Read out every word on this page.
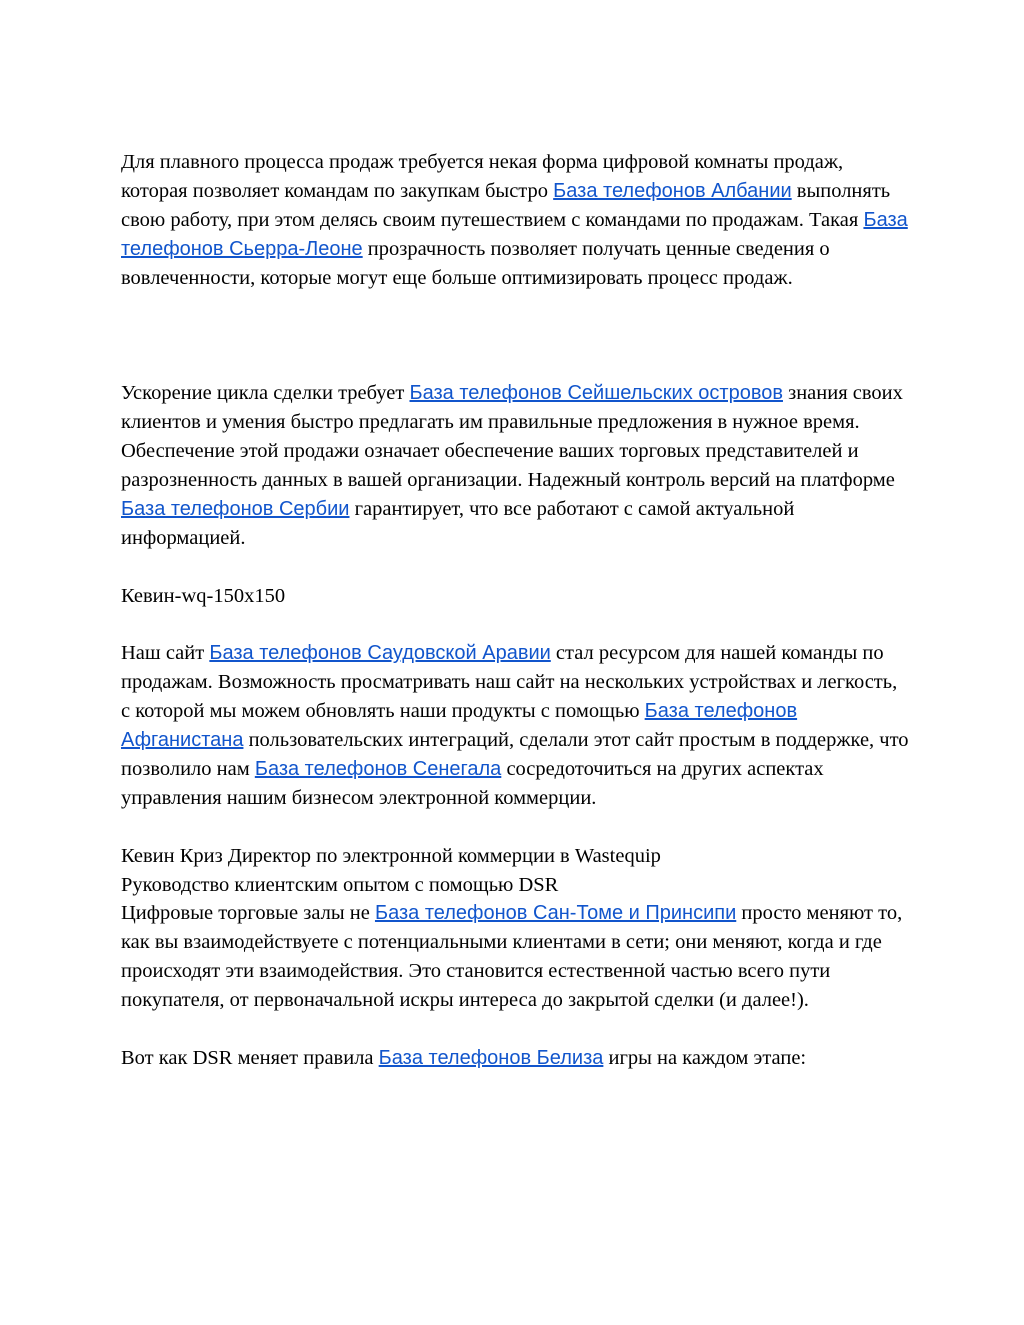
Для плавного процесса продаж требуется некая форма цифровой комнаты продаж, которая позволяет командам по закупкам быстро База телефонов Албании выполнять свою работу, при этом делясь своим путешествием с командами по продажам. Такая База телефонов Сьерра-Леоне прозрачность позволяет получать ценные сведения о вовлеченности, которые могут еще больше оптимизировать процесс продаж.

Ускорение цикла сделки требует База телефонов Сейшельских островов знания своих клиентов и умения быстро предлагать им правильные предложения в нужное время. Обеспечение этой продажи означает обеспечение ваших торговых представителей и разрозненность данных в вашей организации. Надежный контроль версий на платформе База телефонов Сербии гарантирует, что все работают с самой актуальной информацией.

Кевин-wq-150x150

Наш сайт База телефонов Саудовской Аравии стал ресурсом для нашей команды по продажам. Возможность просматривать наш сайт на нескольких устройствах и легкость, с которой мы можем обновлять наши продукты с помощью База телефонов Афганистана пользовательских интеграций, сделали этот сайт простым в поддержке, что позволило нам База телефонов Сенегала сосредоточиться на других аспектах управления нашим бизнесом электронной коммерции.

Кевин Криз Директор по электронной коммерции в Wastequip

Руководство клиентским опытом с помощью DSR

Цифровые торговые залы не База телефонов Сан-Томе и Принсипи просто меняют то, как вы взаимодействуете с потенциальными клиентами в сети; они меняют, когда и где происходят эти взаимодействия. Это становится естественной частью всего пути покупателя, от первоначальной искры интереса до закрытой сделки (и далее!).

Вот как DSR меняет правила База телефонов Белиза игры на каждом этапе:
